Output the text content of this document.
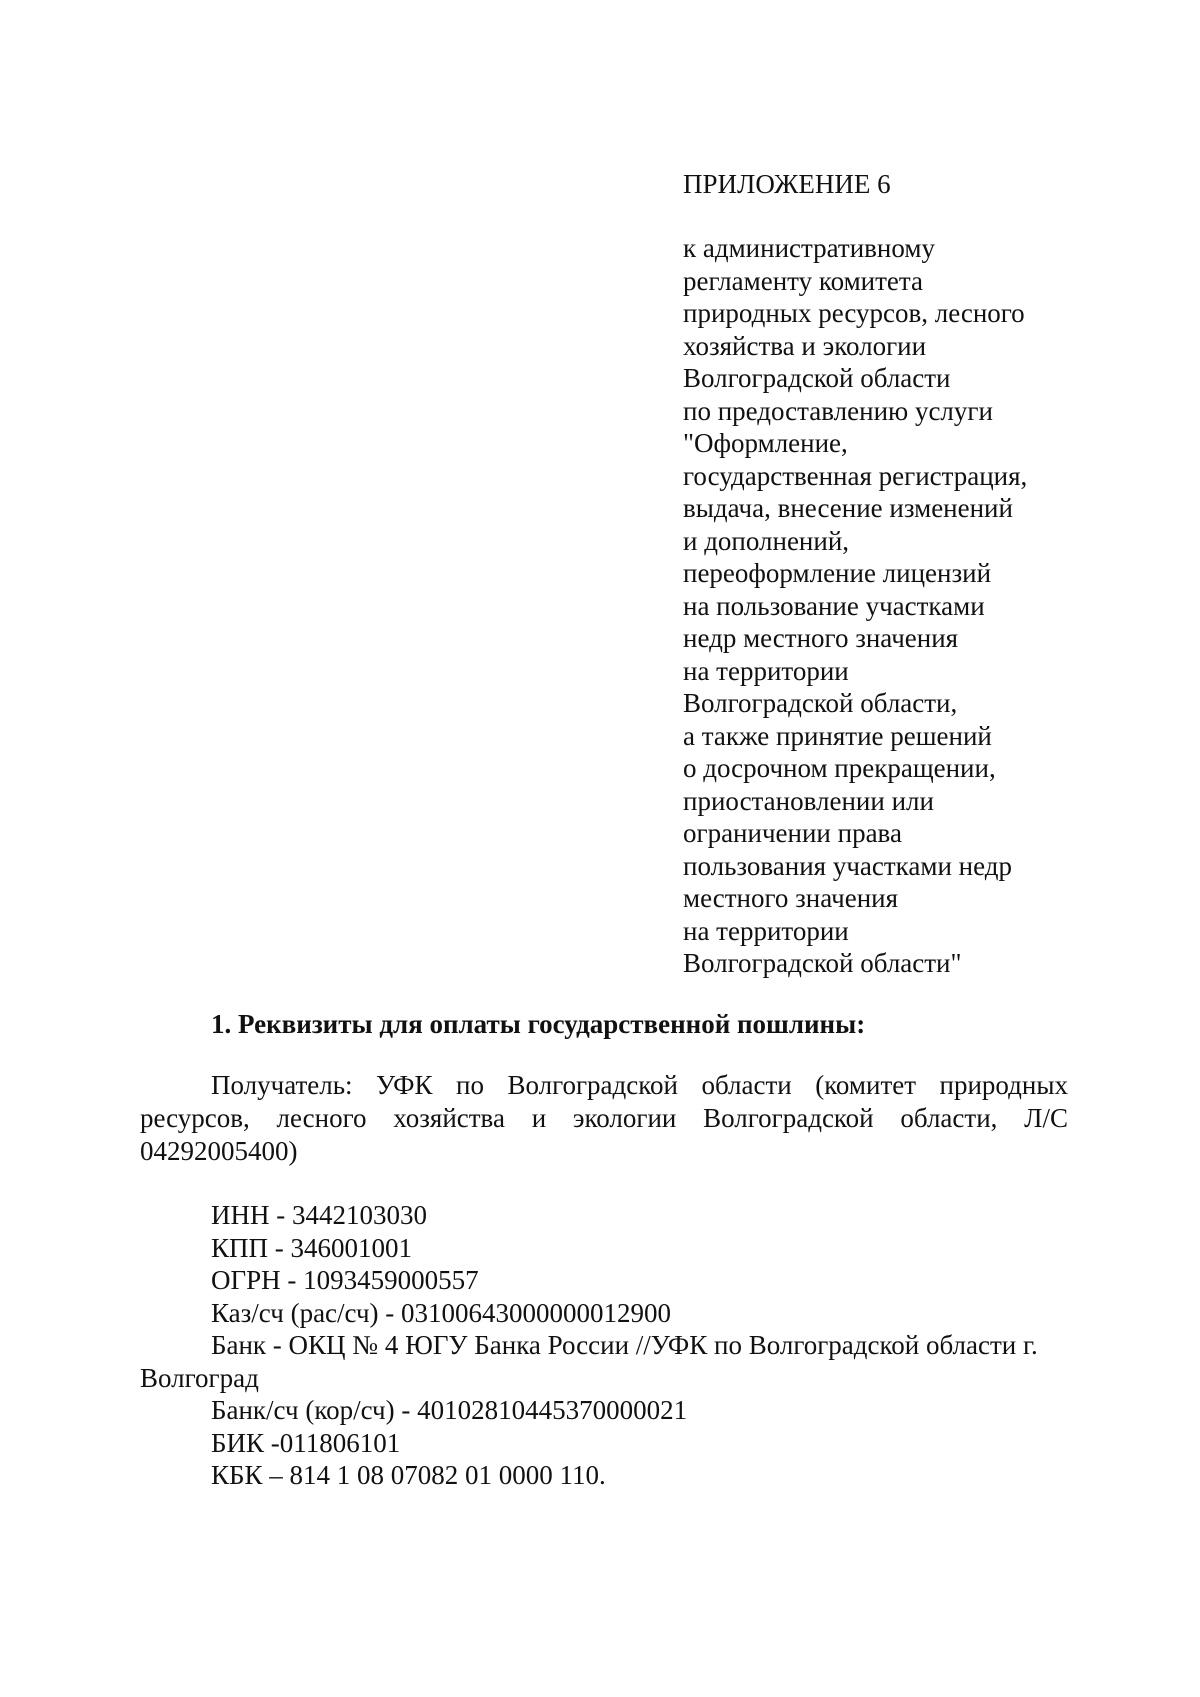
ПРИЛОЖЕНИЕ 6

к административному
регламенту комитета
природных ресурсов, лесного
хозяйства и экологии
Волгоградской области
по предоставлению услуги
"Оформление,
государственная регистрация,
выдача, внесение изменений
и дополнений,
переоформление лицензий
на пользование участками
недр местного значения
на территории
Волгоградской области,
а также принятие решений
о досрочном прекращении,
приостановлении или
ограничении права
пользования участками недр
местного значения
на территории
Волгоградской области"
1. Реквизиты для оплаты государственной пошлины:

Получатель: УФК по Волгоградской области (комитет природных ресурсов, лесного хозяйства и экологии Волгоградской области, Л/С 04292005400)

ИНН - 3442103030
КПП - 346001001
ОГРН - 1093459000557
Каз/сч (рас/сч) - 03100643000000012900
Банк - ОКЦ № 4 ЮГУ Банка России //УФК по Волгоградской области г. Волгоград
Банк/сч (кор/сч) - 40102810445370000021
БИК -011806101
КБК – 814 1 08 07082 01 0000 110.
